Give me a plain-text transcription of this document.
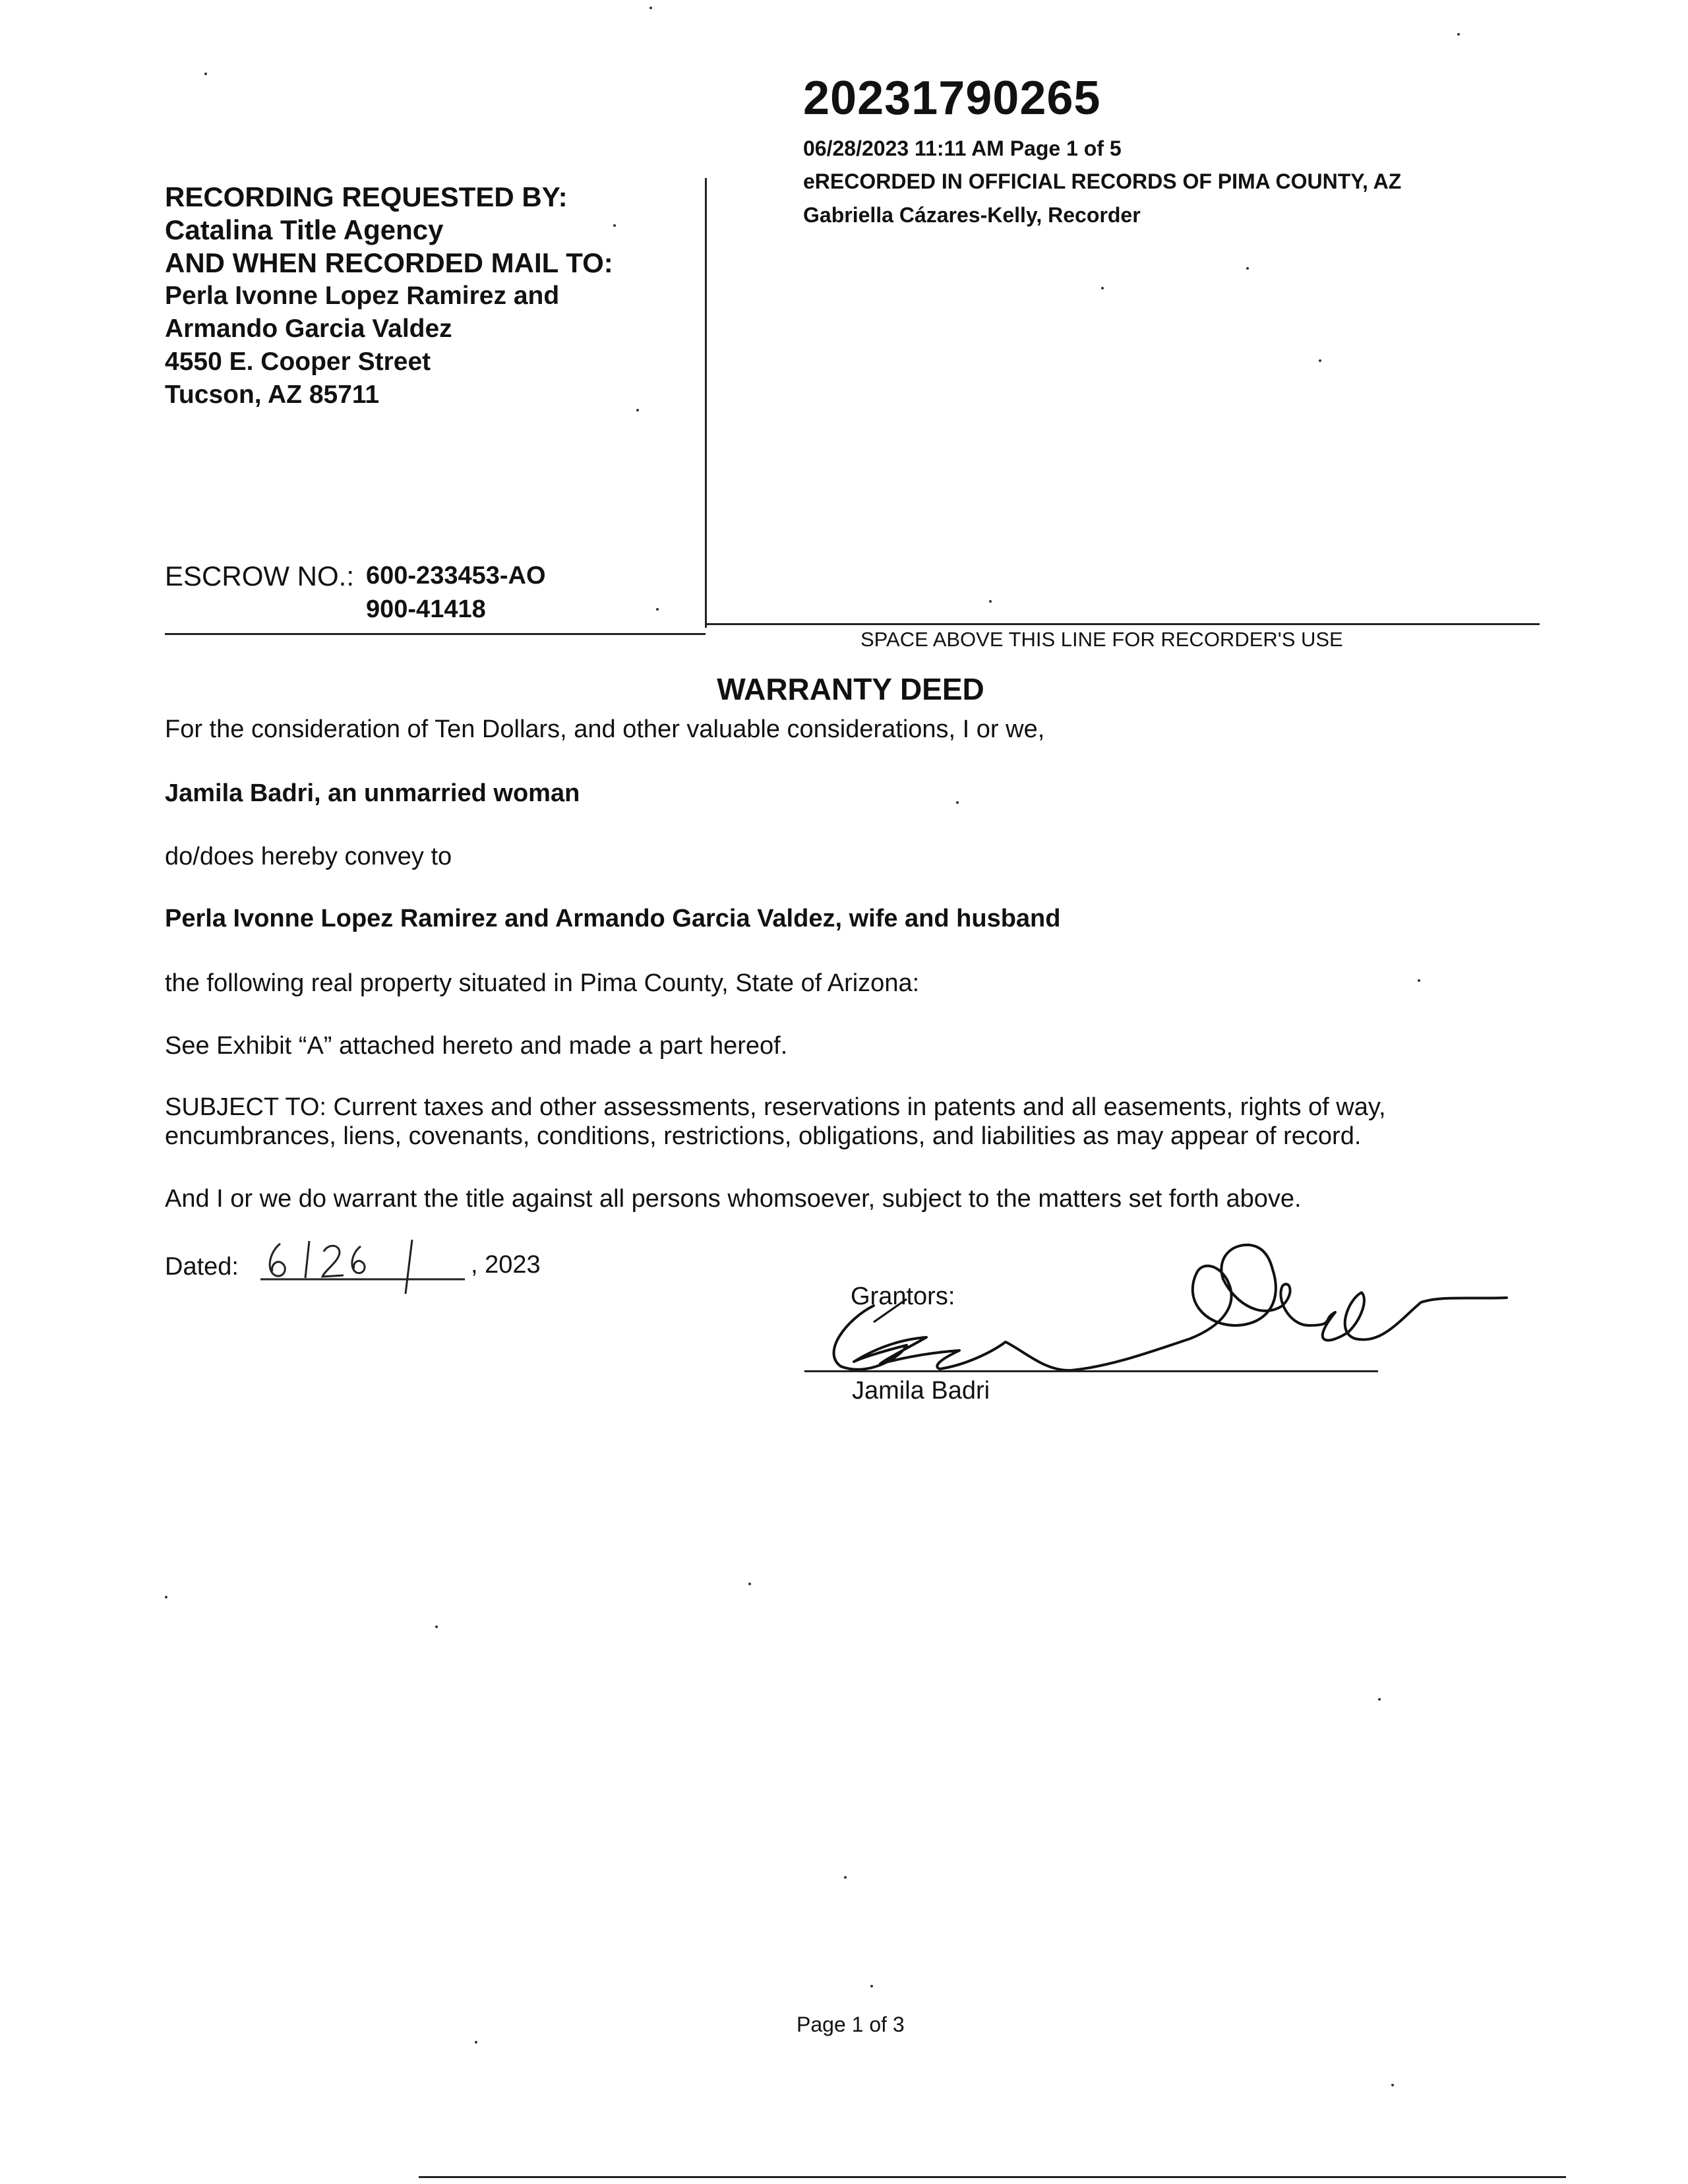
20231790265
06/28/2023 11:11 AM Page 1 of 5
eRECORDED IN OFFICIAL RECORDS OF PIMA COUNTY, AZ
Gabriella Cázares-Kelly, Recorder
RECORDING REQUESTED BY:
Catalina Title Agency
AND WHEN RECORDED MAIL TO:
Perla Ivonne Lopez Ramirez and
Armando Garcia Valdez
4550 E. Cooper Street
Tucson, AZ 85711
ESCROW NO.: 600-233453-AO
900-41418
SPACE ABOVE THIS LINE FOR RECORDER'S USE
WARRANTY DEED
For the consideration of Ten Dollars, and other valuable considerations, I or we,
Jamila Badri, an unmarried woman
do/does hereby convey to
Perla Ivonne Lopez Ramirez and Armando Garcia Valdez, wife and husband
the following real property situated in Pima County, State of Arizona:
See Exhibit “A” attached hereto and made a part hereof.
SUBJECT TO: Current taxes and other assessments, reservations in patents and all easements, rights of way,
encumbrances, liens, covenants, conditions, restrictions, obligations, and liabilities as may appear of record.
And I or we do warrant the title against all persons whomsoever, subject to the matters set forth above.
Dated:	, 2023
Grantors:
Jamila Badri
Page 1 of 3
